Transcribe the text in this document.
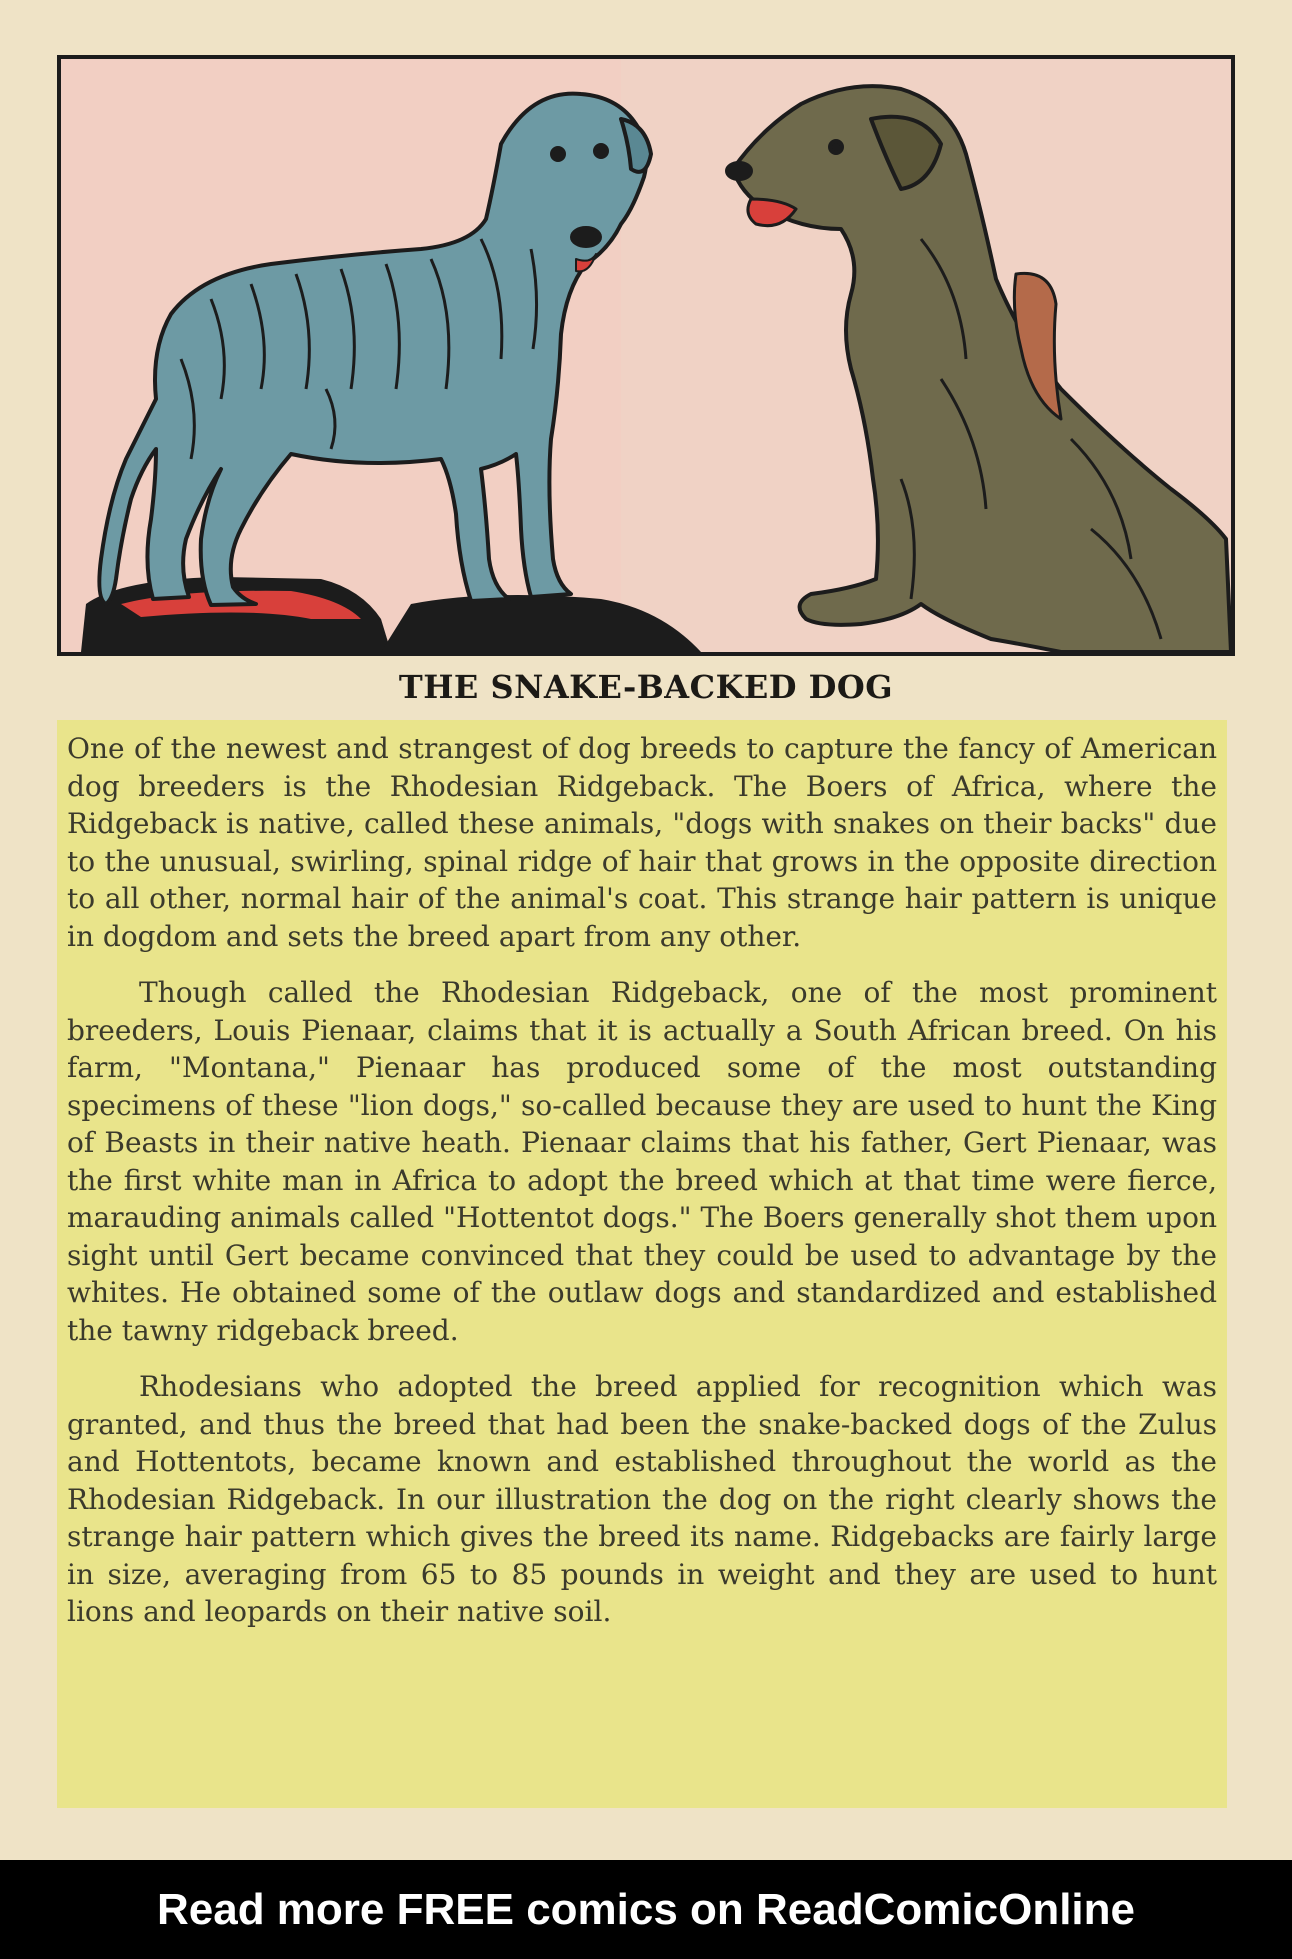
THE SNAKE-BACKED DOG

One of the newest and strangest of dog breeds to capture the fancy of American dog breeders is the Rhodesian Ridgeback. The Boers of Africa, where the Ridgeback is native, called these animals, "dogs with snakes on their backs" due to the unusual, swirling, spinal ridge of hair that grows in the opposite direction to all other, normal hair of the animal's coat. This strange hair pattern is unique in dogdom and sets the breed apart from any other.

Though called the Rhodesian Ridgeback, one of the most prominent breeders, Louis Pienaar, claims that it is actually a South African breed. On his farm, "Montana," Pienaar has produced some of the most outstanding specimens of these "lion dogs," so-called because they are used to hunt the King of Beasts in their native heath. Pienaar claims that his father, Gert Pienaar, was the first white man in Africa to adopt the breed which at that time were fierce, marauding animals called "Hottentot dogs." The Boers generally shot them upon sight until Gert became convinced that they could be used to advantage by the whites. He obtained some of the outlaw dogs and standardized and established the tawny ridgeback breed.

Rhodesians who adopted the breed applied for recognition which was granted, and thus the breed that had been the snake-backed dogs of the Zulus and Hottentots, became known and established throughout the world as the Rhodesian Ridgeback. In our illustration the dog on the right clearly shows the strange hair pattern which gives the breed its name. Ridgebacks are fairly large in size, averaging from 65 to 85 pounds in weight and they are used to hunt lions and leopards on their native soil.

Read more FREE comics on ReadComicOnline
